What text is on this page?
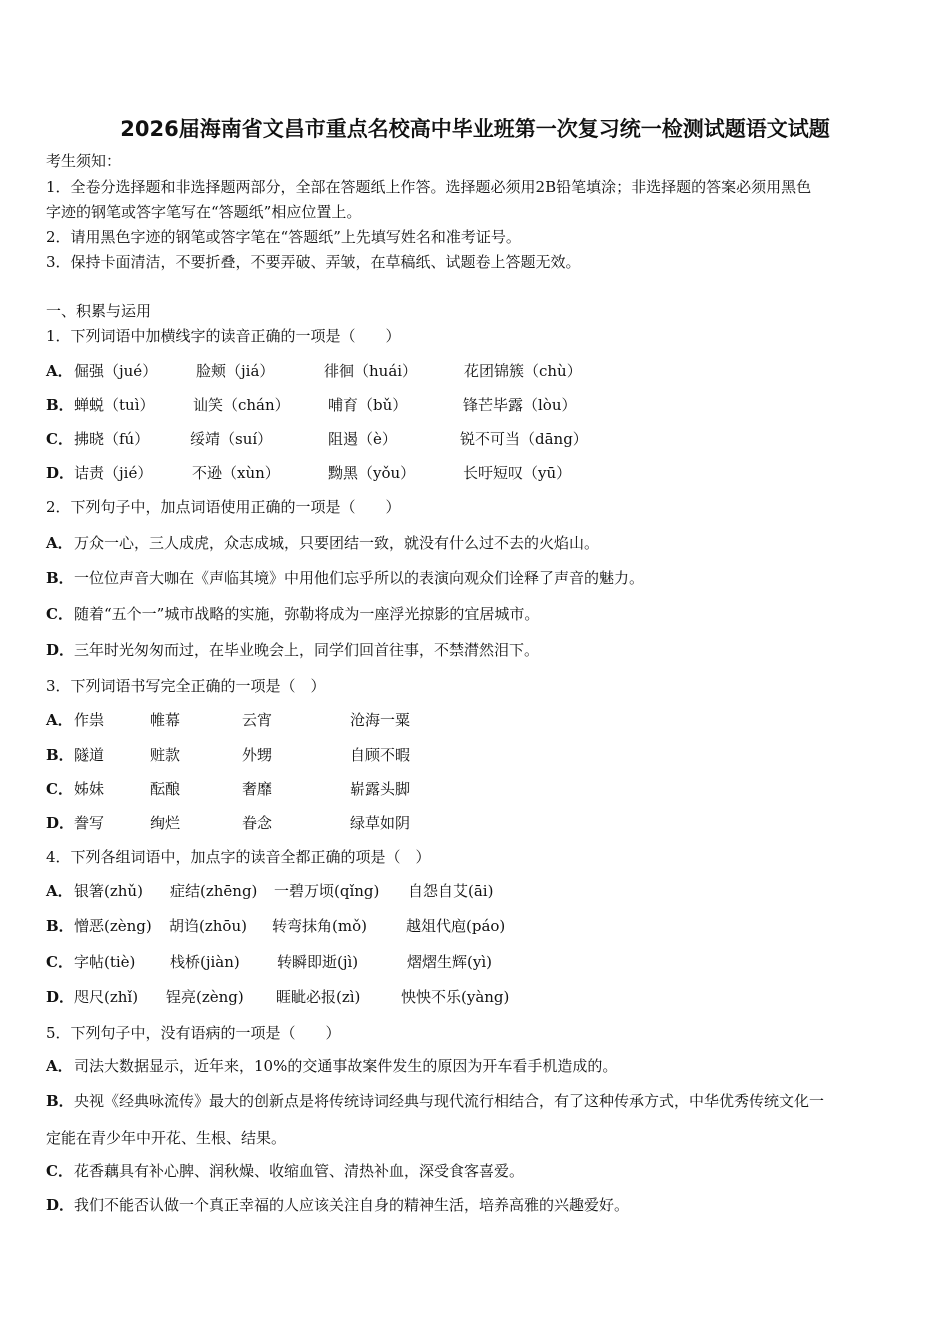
2026届海南省文昌市重点名校高中毕业班第一次复习统一检测试题语文试题
考生须知：
1．全卷分选择题和非选择题两部分，全部在答题纸上作答。选择题必须用2B铅笔填涂；非选择题的答案必须用黑色
字迹的钢笔或答字笔写在“答题纸”相应位置上。
2．请用黑色字迹的钢笔或答字笔在“答题纸”上先填写姓名和准考证号。
3．保持卡面清洁，不要折叠，不要弄破、弄皱，在草稿纸、试题卷上答题无效。
一、积累与运用
1．下列词语中加横线字的读音正确的一项是（　　）
A． 倔强（jué）	脸颊（jiá）	徘徊（huái）	花团锦簇（chù）
B． 蝉蜕（tuì）	讪笑（chán）	哺育（bǔ）	锋芒毕露（lòu）
C． 拂晓（fú）	绥靖（suí）	阻遏（è）	锐不可当（dāng）
D． 诘责（jié）	不逊（xùn）	黝黑（yǒu）	长吁短叹（yū）
2．下列句子中，加点词语使用正确的一项是（　　）
A． 万众一心，三人成虎，众志成城，只要团结一致，就没有什么过不去的火焰山。
B． 一位位声音大咖在《声临其境》中用他们忘乎所以的表演向观众们诠释了声音的魅力。
C． 随着“五个一”城市战略的实施，弥勒将成为一座浮光掠影的宜居城市。
D． 三年时光匆匆而过，在毕业晚会上，同学们回首往事，不禁潸然泪下。
3．下列词语书写完全正确的一项是（　）
A． 作祟	帷幕	云宵	沧海一粟
B． 隧道	赃款	外甥	自顾不暇
C． 姊妹	酝酿	奢靡	崭露头脚
D． 誊写	绚烂	眷念	绿草如阴
4．下列各组词语中，加点字的读音全都正确的项是（　）
A． 银箸(zhǔ) 症结(zhēng) 一碧万顷(qǐng) 自怨自艾(āi)
B． 憎恶(zèng) 胡诌(zhōu) 转弯抹角(mǒ)	越俎代庖(páo)
C． 字帖(tiè) 栈桥(jiàn) 转瞬即逝(jì)	熠熠生辉(yì)
D． 咫尺(zhǐ) 锃亮(zèng) 睚眦必报(zì)	怏怏不乐(yàng)
5．下列句子中，没有语病的一项是（　　）
A． 司法大数据显示，近年来，10%的交通事故案件发生的原因为开车看手机造成的。
B． 央视《经典咏流传》最大的创新点是将传统诗词经典与现代流行相结合，有了这种传承方式，中华优秀传统文化一
定能在青少年中开花、生根、结果。
C． 花香藕具有补心脾、润秋燥、收缩血管、清热补血，深受食客喜爱。
D． 我们不能否认做一个真正幸福的人应该关注自身的精神生活，培养高雅的兴趣爱好。
